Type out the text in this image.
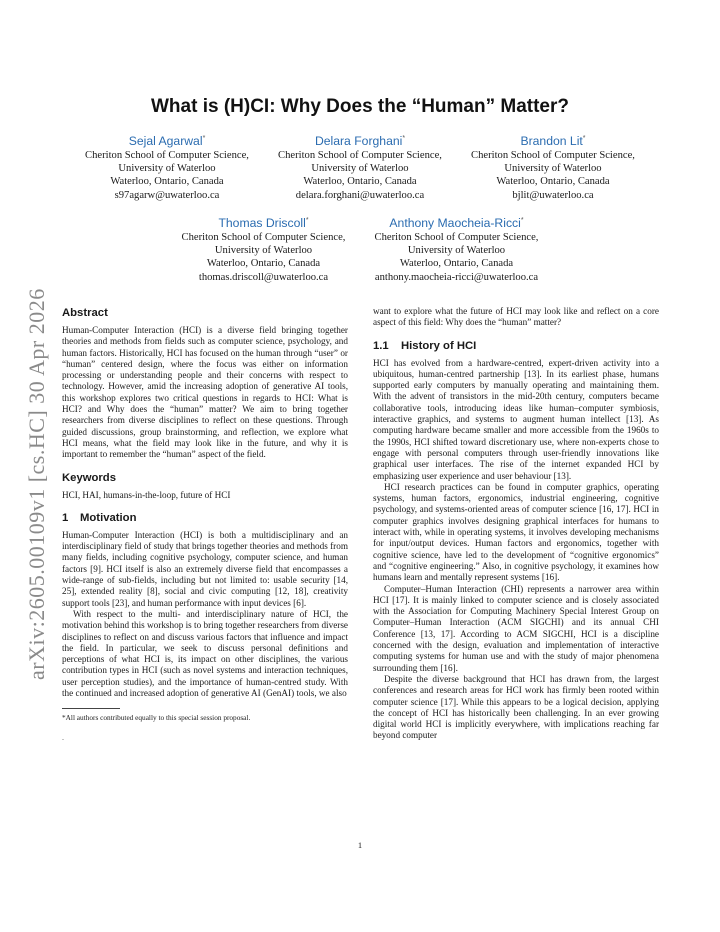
arXiv:2605.00109v1 [cs.HC] 30 Apr 2026
What is (H)CI: Why Does the “Human” Matter?
Sejal Agarwal*
Cheriton School of Computer Science,
University of Waterloo
Waterloo, Ontario, Canada
s97agarw@uwaterloo.ca
Delara Forghani*
Cheriton School of Computer Science,
University of Waterloo
Waterloo, Ontario, Canada
delara.forghani@uwaterloo.ca
Brandon Lit*
Cheriton School of Computer Science,
University of Waterloo
Waterloo, Ontario, Canada
bjlit@uwaterloo.ca
Thomas Driscoll*
Cheriton School of Computer Science,
University of Waterloo
Waterloo, Ontario, Canada
thomas.driscoll@uwaterloo.ca
Anthony Maocheia-Ricci*
Cheriton School of Computer Science,
University of Waterloo
Waterloo, Ontario, Canada
anthony.maocheia-ricci@uwaterloo.ca
Abstract

Human-Computer Interaction (HCI) is a diverse field bringing together theories and methods from fields such as computer science, psychology, and human factors. Historically, HCI has focused on the human through “user” or “human” centered design, where the focus was either on information processing or understanding people and their concerns with respect to technology. However, amid the increasing adoption of generative AI tools, this workshop explores two critical questions in regards to HCI: What is HCI? and Why does the “human” matter? We aim to bring together researchers from diverse disciplines to reflect on these questions. Through guided discussions, group brainstorming, and reflection, we explore what HCI means, what the field may look like in the future, and why it is important to remember the “human” aspect of the field.

Keywords

HCI, HAI, humans-in-the-loop, future of HCI

1 Motivation

Human-Computer Interaction (HCI) is both a multidisciplinary and an interdisciplinary field of study that brings together theories and methods from many fields, including cognitive psychology, computer science, and human factors [9]. HCI itself is also an extremely diverse field that encompasses a wide-range of sub-fields, including but not limited to: usable security [14, 25], extended reality [8], social and civic computing [12, 18], creativity support tools [23], and human performance with input devices [6].

With respect to the multi- and interdisciplinary nature of HCI, the motivation behind this workshop is to bring together researchers from diverse disciplines to reflect on and discuss various factors that influence and impact the field. In particular, we seek to discuss personal definitions and perceptions of what HCI is, its impact on other disciplines, the various contribution types in HCI (such as novel systems and interaction techniques, user perception studies), and the importance of human-centred study. With the continued and increased adoption of generative AI (GenAI) tools, we also

*All authors contributed equally to this special session proposal.
.

want to explore what the future of HCI may look like and reflect on a core aspect of this field: Why does the “human” matter?

1.1 History of HCI

HCI has evolved from a hardware-centred, expert-driven activity into a ubiquitous, human-centred partnership [13]. In its earliest phase, humans supported early computers by manually operating and maintaining them. With the advent of transistors in the mid-20th century, computers became collaborative tools, introducing ideas like human–computer symbiosis, interactive graphics, and systems to augment human intellect [13]. As computing hardware became smaller and more accessible from the 1960s to the 1990s, HCI shifted toward discretionary use, where non-experts chose to engage with personal computers through user-friendly innovations like graphical user interfaces. The rise of the internet expanded HCI by emphasizing user experience and user behaviour [13].

HCI research practices can be found in computer graphics, operating systems, human factors, ergonomics, industrial engineering, cognitive psychology, and systems-oriented areas of computer science [16, 17]. HCI in computer graphics involves designing graphical interfaces for humans to interact with, while in operating systems, it involves developing mechanisms for input/output devices. Human factors and ergonomics, together with cognitive science, have led to the development of “cognitive ergonomics” and “cognitive engineering.” Also, in cognitive psychology, it examines how humans learn and mentally represent systems [16].

Computer–Human Interaction (CHI) represents a narrower area within HCI [17]. It is mainly linked to computer science and is closely associated with the Association for Computing Machinery Special Interest Group on Computer–Human Interaction (ACM SIGCHI) and its annual CHI Conference [13, 17]. According to ACM SIGCHI, HCI is a discipline concerned with the design, evaluation and implementation of interactive computing systems for human use and with the study of major phenomena surrounding them [16].

Despite the diverse background that HCI has drawn from, the largest conferences and research areas for HCI work has firmly been rooted within computer science [17]. While this appears to be a logical decision, applying the concept of HCI has historically been challenging. In an ever growing digital world HCI is implicitly everywhere, with implications reaching far beyond computer

1
